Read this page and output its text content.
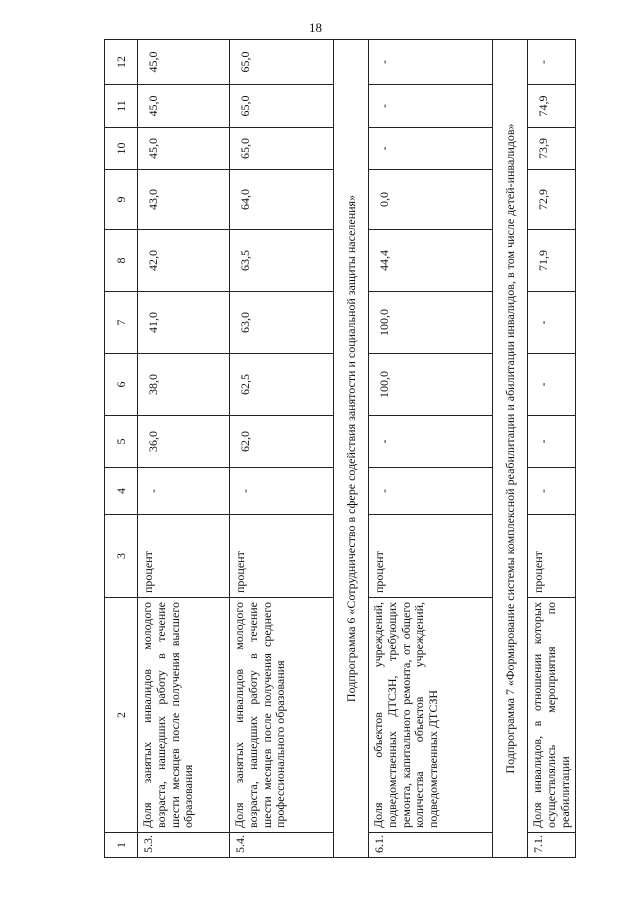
18
1	2	3	4	5	6	7	8	9	10	11	12
5.3.	Доля занятых инвалидов молодого возраста, нашедших работу в течение шести месяцев после получения высшего образования	процент	-	36,0	38,0	41,0	42,0	43,0	45,0	45,0	45,0
5.4.	Доля занятых инвалидов молодого возраста, нашедших работу в течение шести месяцев после получения среднего профессионального образования	процент	-	62,0	62,5	63,0	63,5	64,0	65,0	65,0	65,0
Подпрограмма 6 «Сотрудничество в сфере содействия занятости и социальной защиты населения»											
6.1.	Доля объектов учреждений, подведомственных ДТСЗН, требующих ремонта, капитального ремонта, от общего количества объектов учреждений, подведомственных ДТСЗН	процент	-	-	100,0	100,0	44,4	0,0	-	-	-
Подпрограмма 7 «Формирование системы комплексной реабилитации и абилитации инвалидов, в том числе детей-инвалидов»											
7.1.	Доля инвалидов, в отношении которых осуществлялись мероприятия по реабилитации	процент	-	-	-	-	71,9	72,9	73,9	74,9	-
